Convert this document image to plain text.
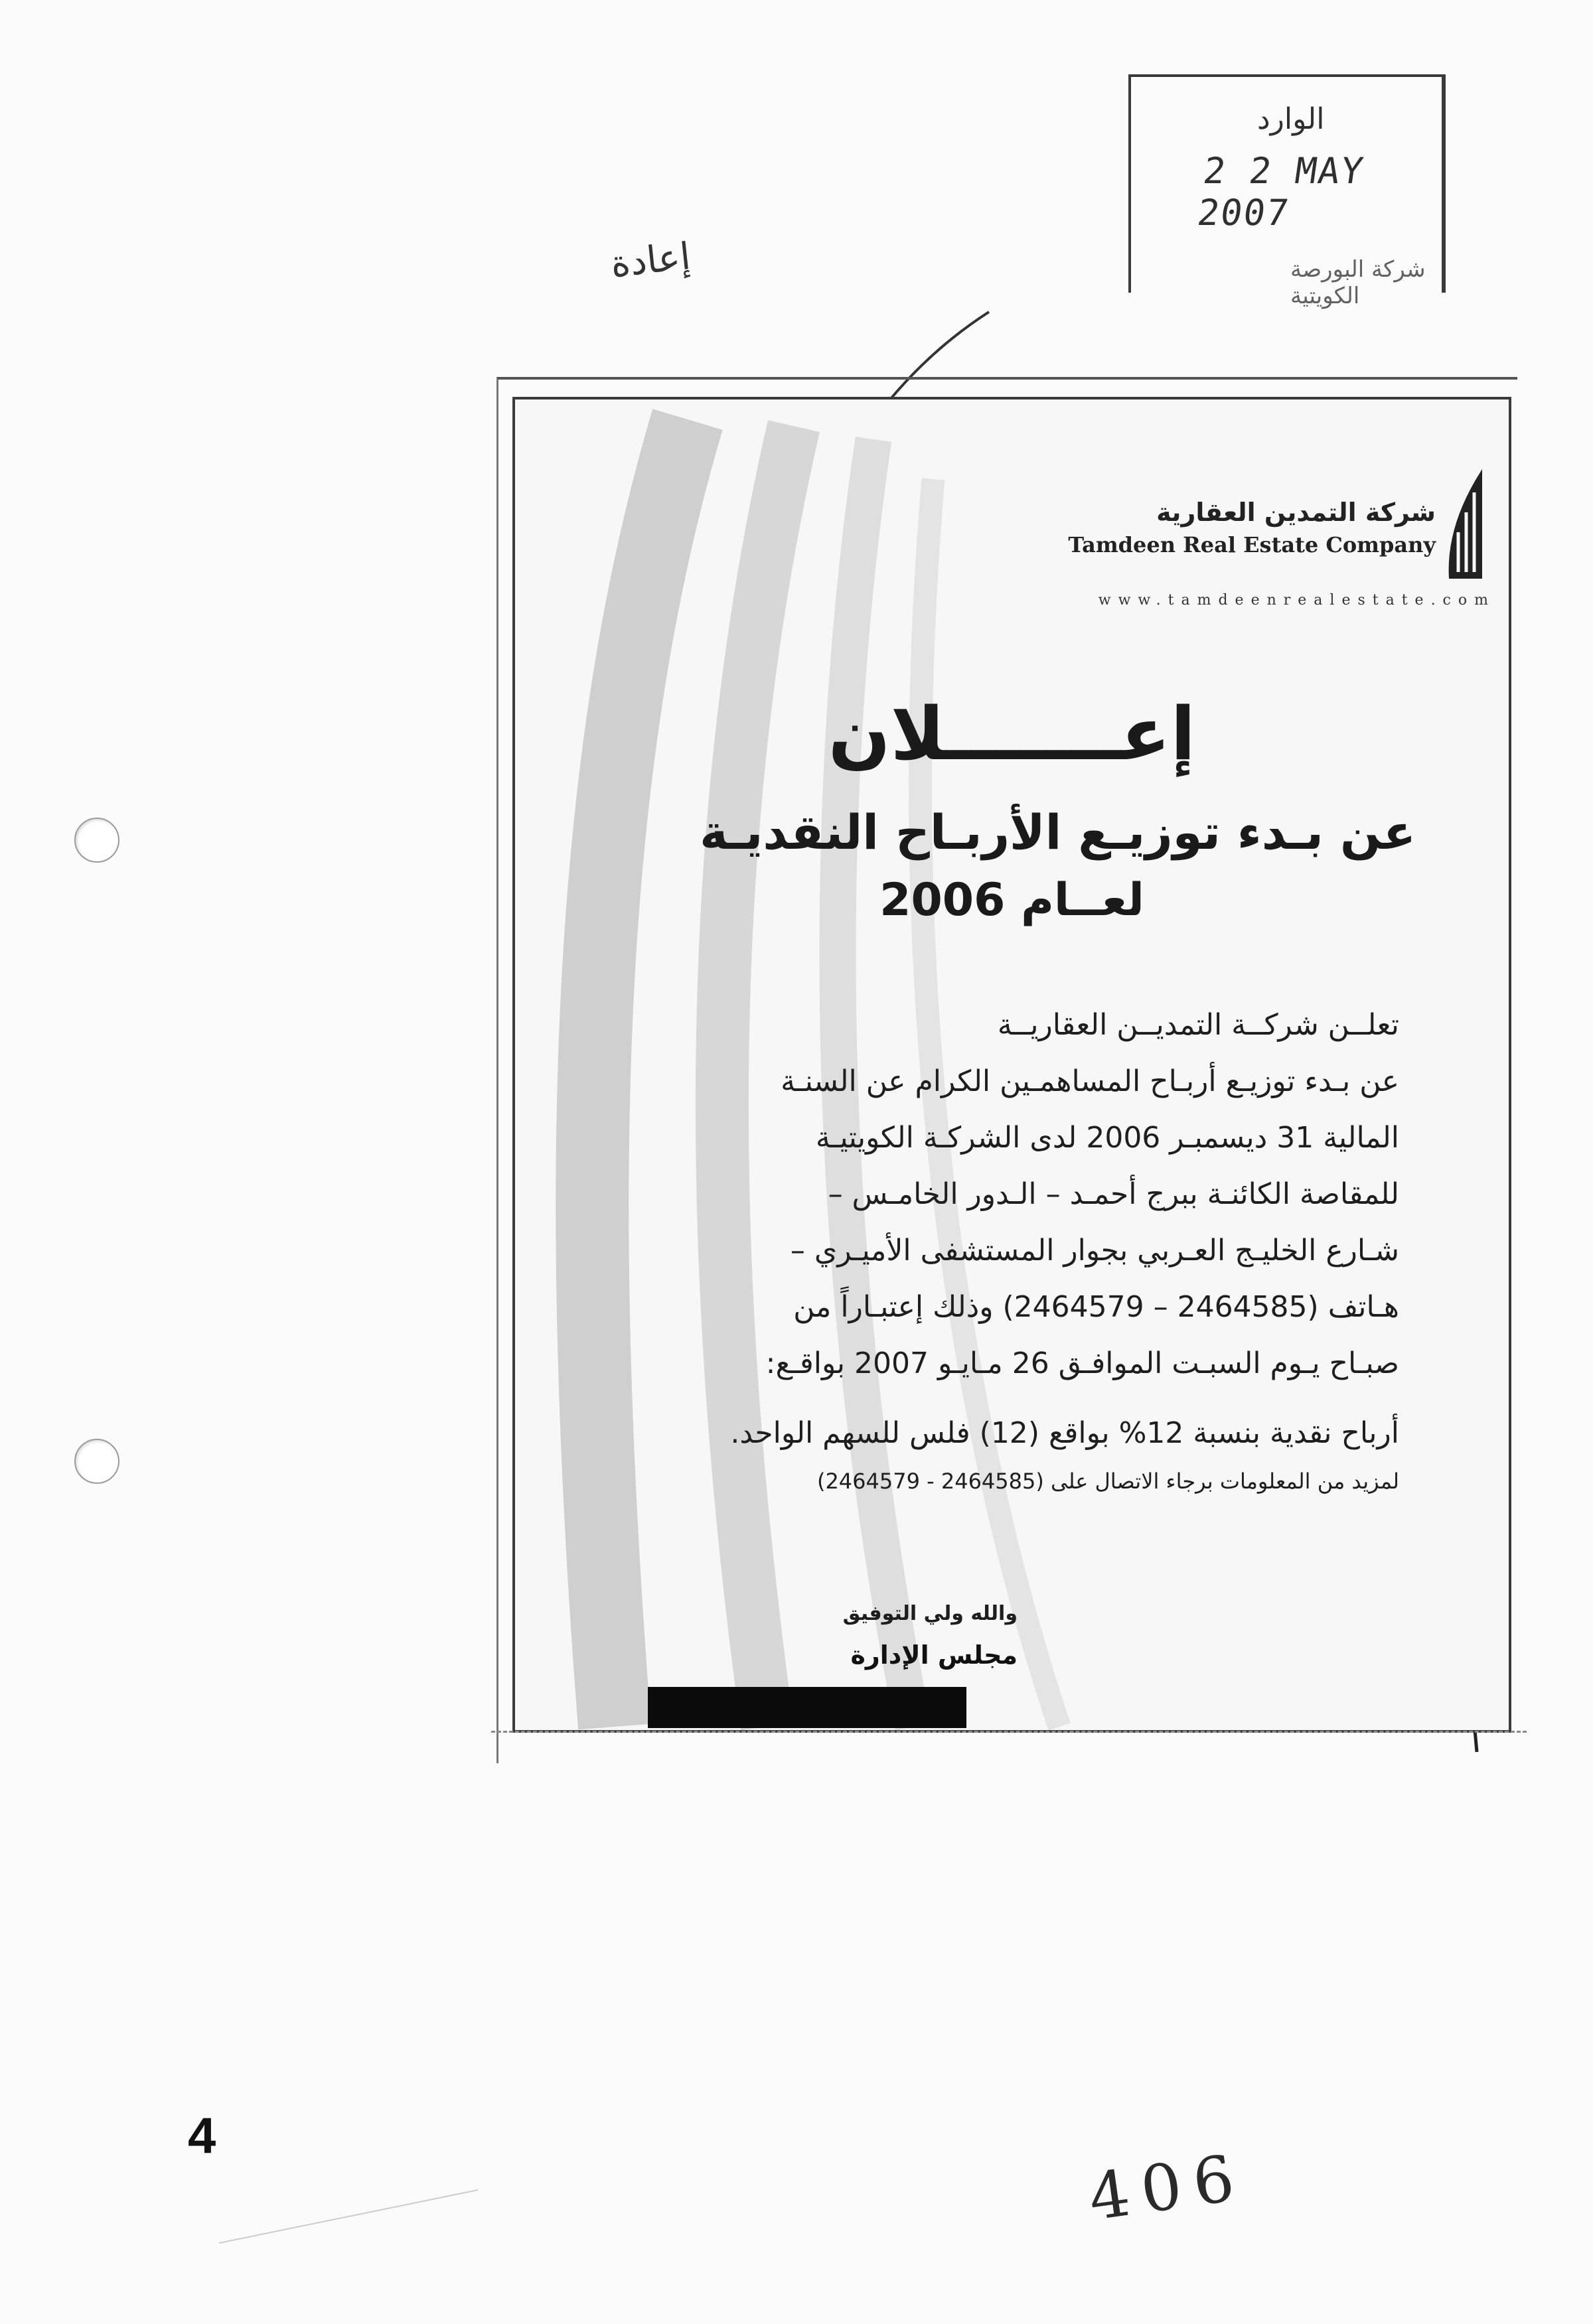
الوارد
2 2 MAY 2007
شركة البورصة الكويتية
إعادة
شركة التمدين العقارية
Tamdeen Real Estate Company
www.tamdeenrealestate.com
إعـــــــلان
عن بـدء توزيـع الأربـاح النقديـة
لعــام 2006
تعلــن شركــة التمديــن العقاريــة
عن بـدء توزيـع أربـاح المساهمـين الكرام عن السنـة
المالية 31 ديسمبـر 2006 لدى الشركـة الكويتيـة
للمقاصة الكائنـة ببرج أحمـد – الـدور الخامـس –
شـارع الخليـج العـربي بجوار المستشفى الأميـري –
هـاتف (2464585 – 2464579) وذلك إعتبـاراً من
صبـاح يـوم السبـت الموافـق 26 مـايـو 2007 بواقـع:
أرباح نقدية بنسبة 12% بواقع (12) فلس للسهم الواحد.
لمزيد من المعلومات برجاء الاتصال على (2464585 - 2464579)
والله ولي التوفيق
مجلس الإدارة
4
406
